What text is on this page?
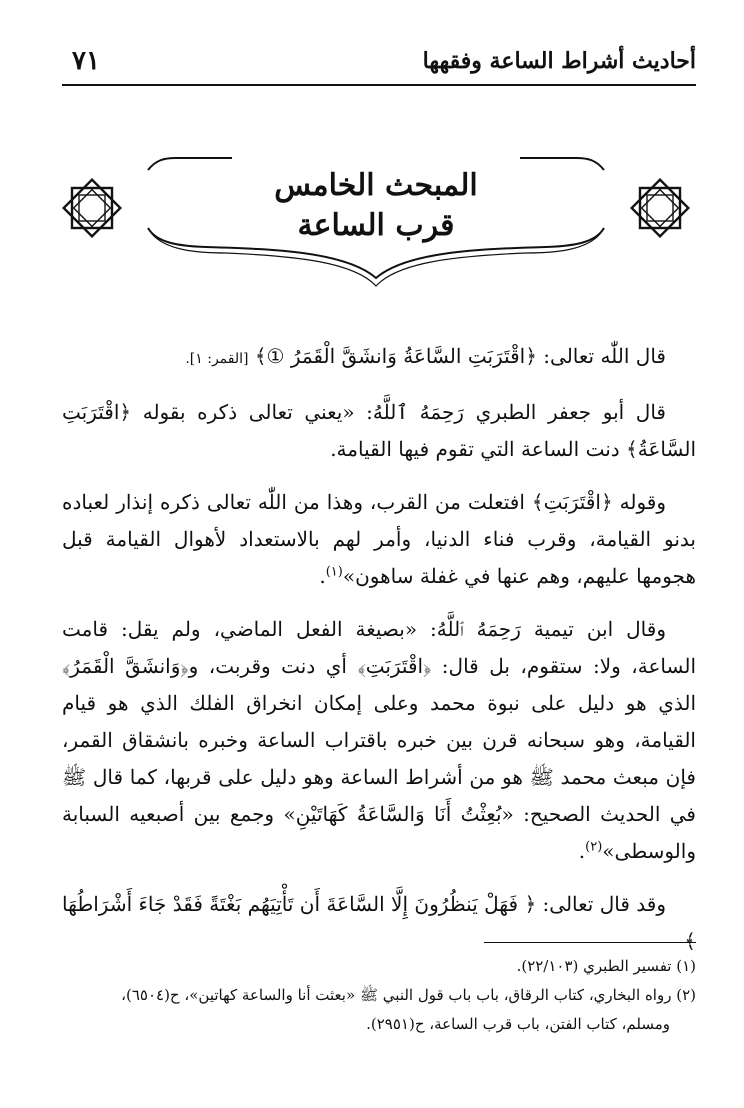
٧١	أحاديث أشراط الساعة وفقهها
المبحث الخامس
قرب الساعة

قال اللّٰه تعالى: ﴿اقْتَرَبَتِ السَّاعَةُ وَانشَقَّ الْقَمَرُ ①﴾ [القمر: ١].

قال أبو جعفر الطبري رَحِمَهُ ٱللَّهُ: «يعني تعالى ذكره بقوله ﴿اقْتَرَبَتِ السَّاعَةُ﴾ دنت الساعة التي تقوم فيها القيامة.

وقوله ﴿اقْتَرَبَتِ﴾ افتعلت من القرب، وهذا من اللّٰه تعالى ذكره إنذار لعباده بدنو القيامة، وقرب فناء الدنيا، وأمر لهم بالاستعداد لأهوال القيامة قبل هجومها عليهم، وهم عنها في غفلة ساهون»$^{(١)}$.

وقال ابن تيمية رَحِمَهُ ٱللَّهُ: «بصيغة الفعل الماضي، ولم يقل: قامت الساعة، ولا: ستقوم، بل قال: ﴿اقْتَرَبَتِ﴾ أي دنت وقربت، و﴿وَانشَقَّ الْقَمَرُ﴾ الذي هو دليل على نبوة محمد وعلى إمكان انخراق الفلك الذي هو قيام القيامة، وهو سبحانه قرن بين خبره باقتراب الساعة وخبره بانشقاق القمر، فإن مبعث محمد ﷺ هو من أشراط الساعة وهو دليل على قربها، كما قال ﷺ في الحديث الصحيح: «بُعِثْتُ أَنَا وَالسَّاعَةُ كَهَاتَيْنِ» وجمع بين أصبعيه السبابة والوسطى»$^{(٢)}$.

وقد قال تعالى: ﴿ فَهَلْ يَنظُرُونَ إِلَّا السَّاعَةَ أَن تَأْتِيَهُم بَغْتَةً فَقَدْ جَاءَ أَشْرَاطُهَا ﴾

(١) تفسير الطبري (٢٢/١٠٣).

(٢) رواه البخاري، كتاب الرقاق، باب باب قول النبي ﷺ «بعثت أنا والساعة كهاتين»، ح(٦٥٠٤)،

ومسلم، كتاب الفتن، باب قرب الساعة، ح(٢٩٥١).
